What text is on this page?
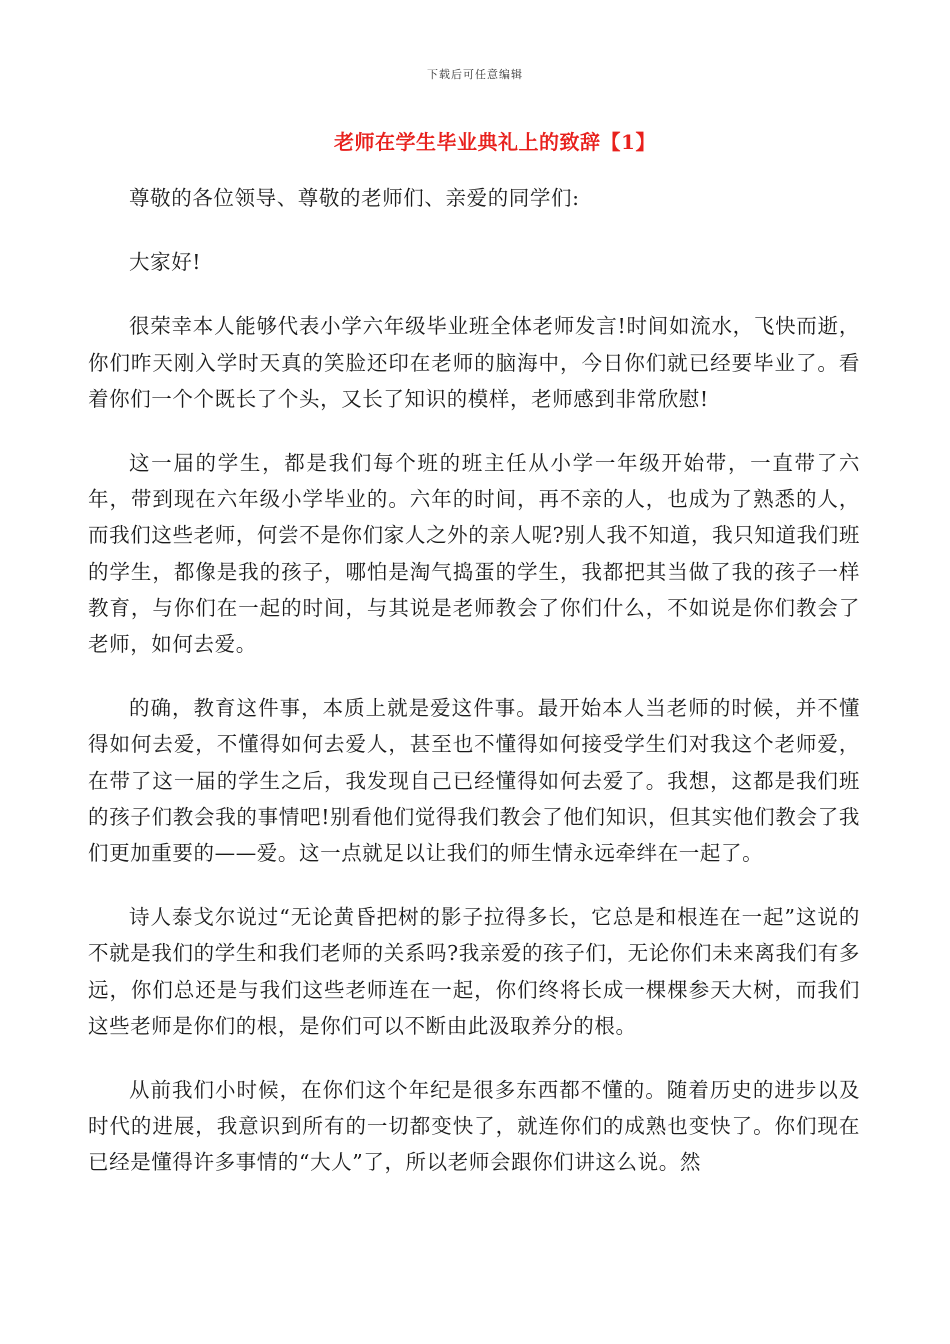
下载后可任意编辑
老师在学生毕业典礼上的致辞【1】

尊敬的各位领导、尊敬的老师们、亲爱的同学们:

大家好!

很荣幸本人能够代表小学六年级毕业班全体老师发言!时间如流水，飞快而逝，你们昨天刚入学时天真的笑脸还印在老师的脑海中，今日你们就已经要毕业了。看着你们一个个既长了个头，又长了知识的模样，老师感到非常欣慰!

这一届的学生，都是我们每个班的班主任从小学一年级开始带，一直带了六年，带到现在六年级小学毕业的。六年的时间，再不亲的人，也成为了熟悉的人，而我们这些老师，何尝不是你们家人之外的亲人呢?别人我不知道，我只知道我们班的学生，都像是我的孩子，哪怕是淘气捣蛋的学生，我都把其当做了我的孩子一样教育，与你们在一起的时间，与其说是老师教会了你们什么，不如说是你们教会了老师，如何去爱。

的确，教育这件事，本质上就是爱这件事。最开始本人当老师的时候，并不懂得如何去爱，不懂得如何去爱人，甚至也不懂得如何接受学生们对我这个老师爱，在带了这一届的学生之后，我发现自己已经懂得如何去爱了。我想，这都是我们班的孩子们教会我的事情吧!别看他们觉得我们教会了他们知识，但其实他们教会了我们更加重要的——爱。这一点就足以让我们的师生情永远牵绊在一起了。

诗人泰戈尔说过“无论黄昏把树的影子拉得多长，它总是和根连在一起”这说的不就是我们的学生和我们老师的关系吗?我亲爱的孩子们，无论你们未来离我们有多远，你们总还是与我们这些老师连在一起，你们终将长成一棵棵参天大树，而我们这些老师是你们的根，是你们可以不断由此汲取养分的根。

从前我们小时候，在你们这个年纪是很多东西都不懂的。随着历史的进步以及时代的进展，我意识到所有的一切都变快了，就连你们的成熟也变快了。你们现在已经是懂得许多事情的“大人”了，所以老师会跟你们讲这么说。然
